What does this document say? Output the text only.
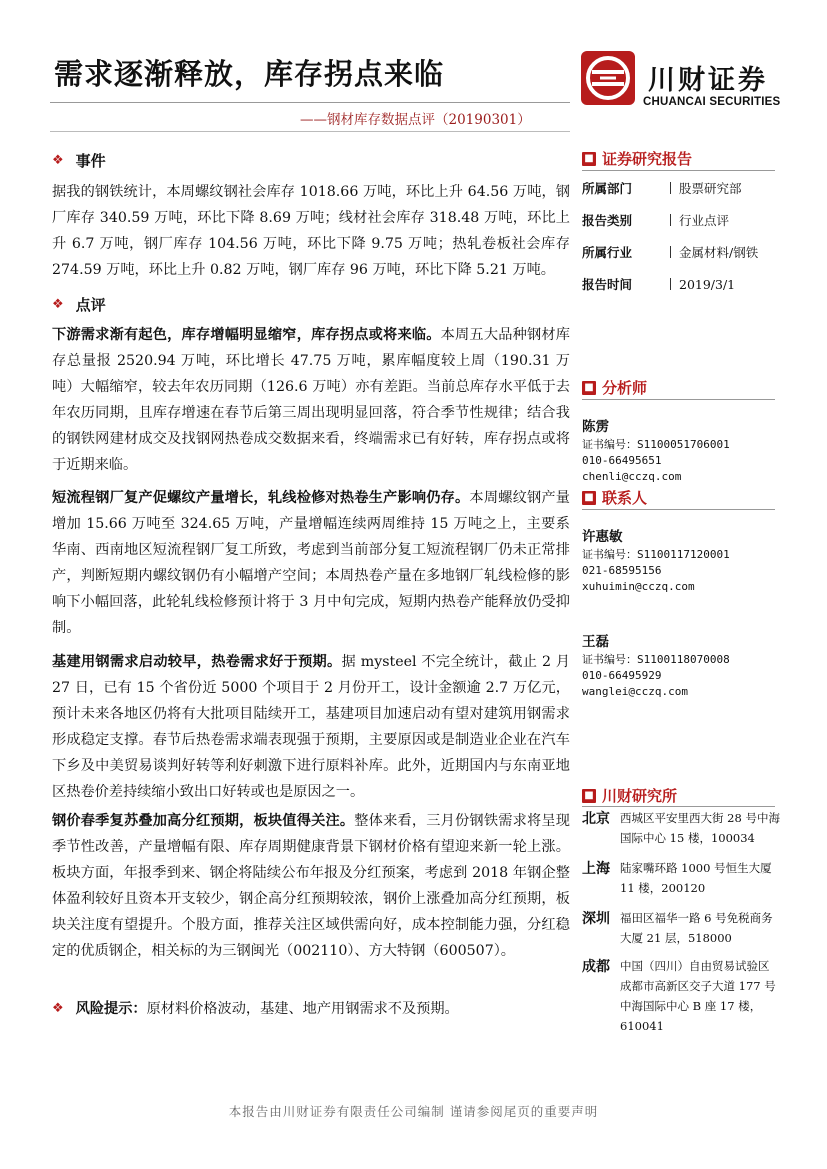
需求逐渐释放，库存拐点来临
——钢材库存数据点评（20190301）
川财证券
CHUANCAI SECURITIES
❖ 事件
据我的钢铁统计，本周螺纹钢社会库存 1018.66 万吨，环比上升 64.56 万吨，钢厂库存 340.59 万吨，环比下降 8.69 万吨；线材社会库存 318.48 万吨，环比上升 6.7 万吨，钢厂库存 104.56 万吨，环比下降 9.75 万吨；热轧卷板社会库存 274.59 万吨，环比上升 0.82 万吨，钢厂库存 96 万吨，环比下降 5.21 万吨。
❖ 点评
下游需求渐有起色，库存增幅明显缩窄，库存拐点或将来临。本周五大品种钢材库存总量报 2520.94 万吨，环比增长 47.75 万吨，累库幅度较上周（190.31 万吨）大幅缩窄，较去年农历同期（126.6 万吨）亦有差距。当前总库存水平低于去年农历同期，且库存增速在春节后第三周出现明显回落，符合季节性规律；结合我的钢铁网建材成交及找钢网热卷成交数据来看，终端需求已有好转，库存拐点或将于近期来临。
短流程钢厂复产促螺纹产量增长，轧线检修对热卷生产影响仍存。本周螺纹钢产量增加 15.66 万吨至 324.65 万吨，产量增幅连续两周维持 15 万吨之上，主要系华南、西南地区短流程钢厂复工所致，考虑到当前部分复工短流程钢厂仍未正常排产，判断短期内螺纹钢仍有小幅增产空间；本周热卷产量在多地钢厂轧线检修的影响下小幅回落，此轮轧线检修预计将于 3 月中旬完成，短期内热卷产能释放仍受抑制。
基建用钢需求启动较早，热卷需求好于预期。据 mysteel 不完全统计，截止 2 月 27 日，已有 15 个省份近 5000 个项目于 2 月份开工，设计金额逾 2.7 万亿元，预计未来各地区仍将有大批项目陆续开工，基建项目加速启动有望对建筑用钢需求形成稳定支撑。春节后热卷需求端表现强于预期，主要原因或是制造业企业在汽车下乡及中美贸易谈判好转等利好刺激下进行原料补库。此外，近期国内与东南亚地区热卷价差持续缩小致出口好转或也是原因之一。
钢价春季复苏叠加高分红预期，板块值得关注。整体来看，三月份钢铁需求将呈现季节性改善，产量增幅有限、库存周期健康背景下钢材价格有望迎来新一轮上涨。板块方面，年报季到来、钢企将陆续公布年报及分红预案，考虑到 2018 年钢企整体盈利较好且资本开支较少，钢企高分红预期较浓，钢价上涨叠加高分红预期，板块关注度有望提升。个股方面，推荐关注区域供需向好，成本控制能力强，分红稳定的优质钢企，相关标的为三钢闽光（002110）、方大特钢（600507）。
❖ 风险提示：原材料价格波动，基建、地产用钢需求不及预期。
■ 证券研究报告
所属部门	股票研究部
报告类别	行业点评
所属行业	金属材料/钢铁
报告时间	2019/3/1
■ 分析师
陈雳
证书编号：S1100051706001
010-66495651
chenli@cczq.com
■ 联系人
许惠敏
证书编号：S1100117120001
021-68595156
xuhuimin@cczq.com
王磊
证书编号：S1100118070008
010-66495929
wanglei@cczq.com
■ 川财研究所
北京 西城区平安里西大街 28 号中海国际中心 15 楼，100034
上海 陆家嘴环路 1000 号恒生大厦 11 楼，200120
深圳 福田区福华一路 6 号免税商务大厦 21 层，518000
成都 中国（四川）自由贸易试验区成都市高新区交子大道 177 号中海国际中心 B 座 17 楼，610041
本报告由川财证券有限责任公司编制 谨请参阅尾页的重要声明
